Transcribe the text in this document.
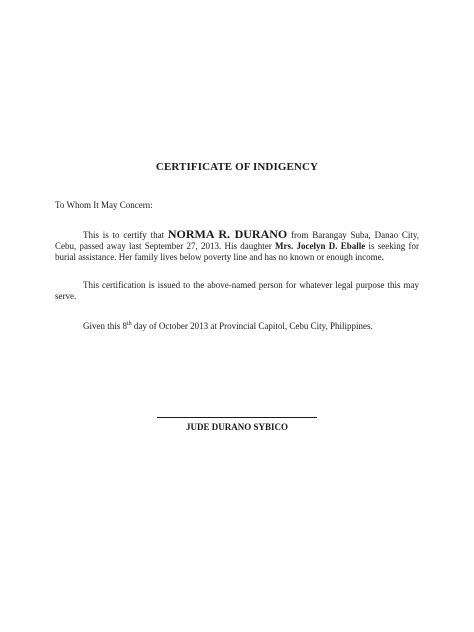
CERTIFICATE OF INDIGENCY
To Whom It May Concern:

This is to certify that NORMA R. DURANO from Barangay Suba, Danao City, Cebu, passed away last September 27, 2013. His daughter Mrs. Jocelyn D. Eballe is seeking for burial assistance. Her family lives below poverty line and has no known or enough income.

This certification is issued to the above-named person for whatever legal purpose this may serve.

Given this 8th day of October 2013 at Provincial Capitol, Cebu City, Philippines.

JUDE DURANO SYBICO
